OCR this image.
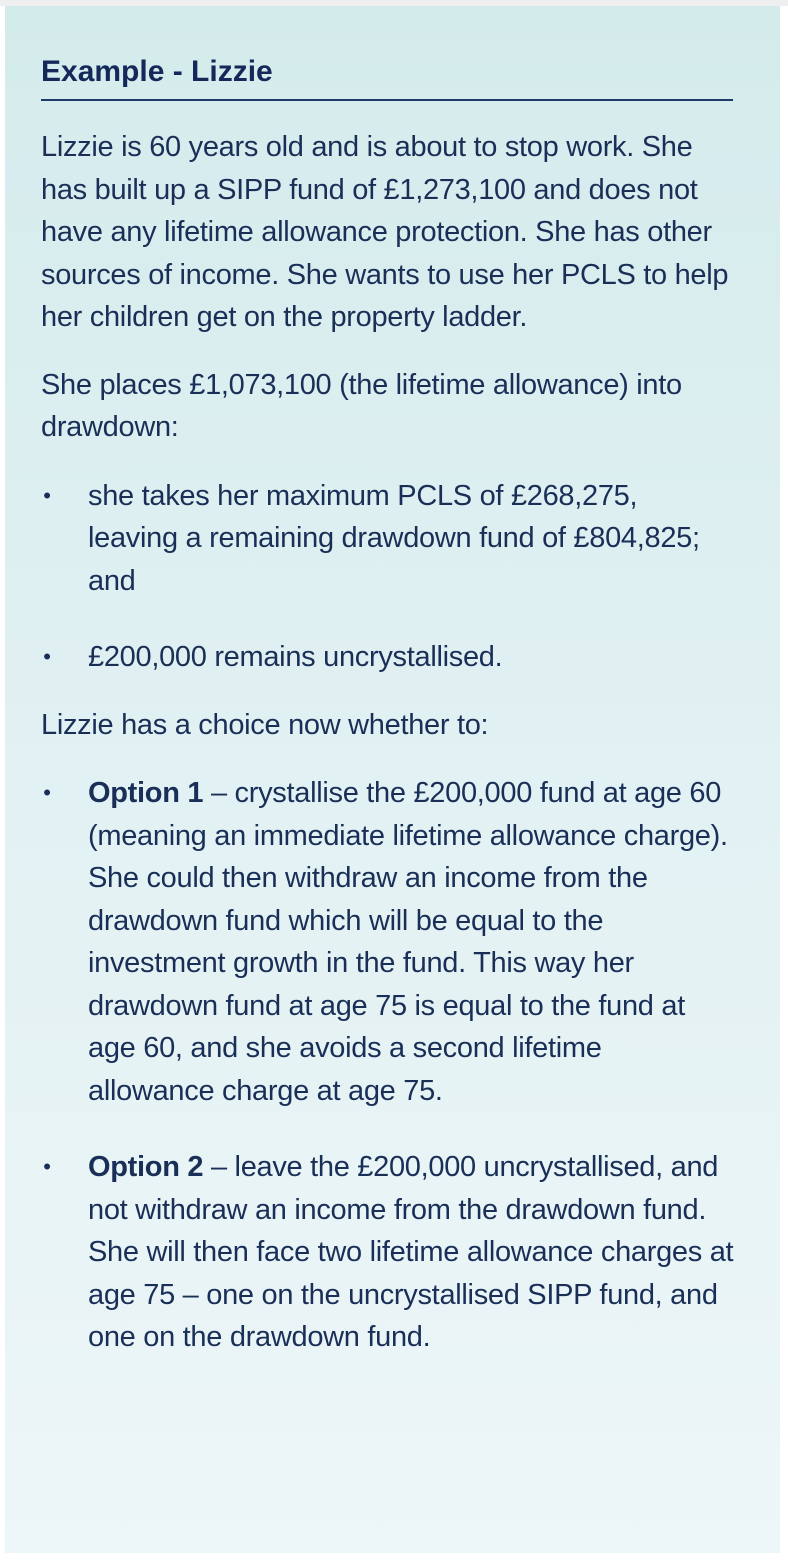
Example - Lizzie

Lizzie is 60 years old and is about to stop work. She has built up a SIPP fund of £1,273,100 and does not have any lifetime allowance protection. She has other sources of income. She wants to use her PCLS to help her children get on the property ladder.

She places £1,073,100 (the lifetime allowance) into drawdown:

• she takes her maximum PCLS of £268,275, leaving a remaining drawdown fund of £804,825; and
• £200,000 remains uncrystallised.

Lizzie has a choice now whether to:

• Option 1 – crystallise the £200,000 fund at age 60 (meaning an immediate lifetime allowance charge). She could then withdraw an income from the drawdown fund which will be equal to the investment growth in the fund. This way her drawdown fund at age 75 is equal to the fund at age 60, and she avoids a second lifetime allowance charge at age 75.
• Option 2 – leave the £200,000 uncrystallised, and not withdraw an income from the drawdown fund. She will then face two lifetime allowance charges at age 75 – one on the uncrystallised SIPP fund, and one on the drawdown fund.
